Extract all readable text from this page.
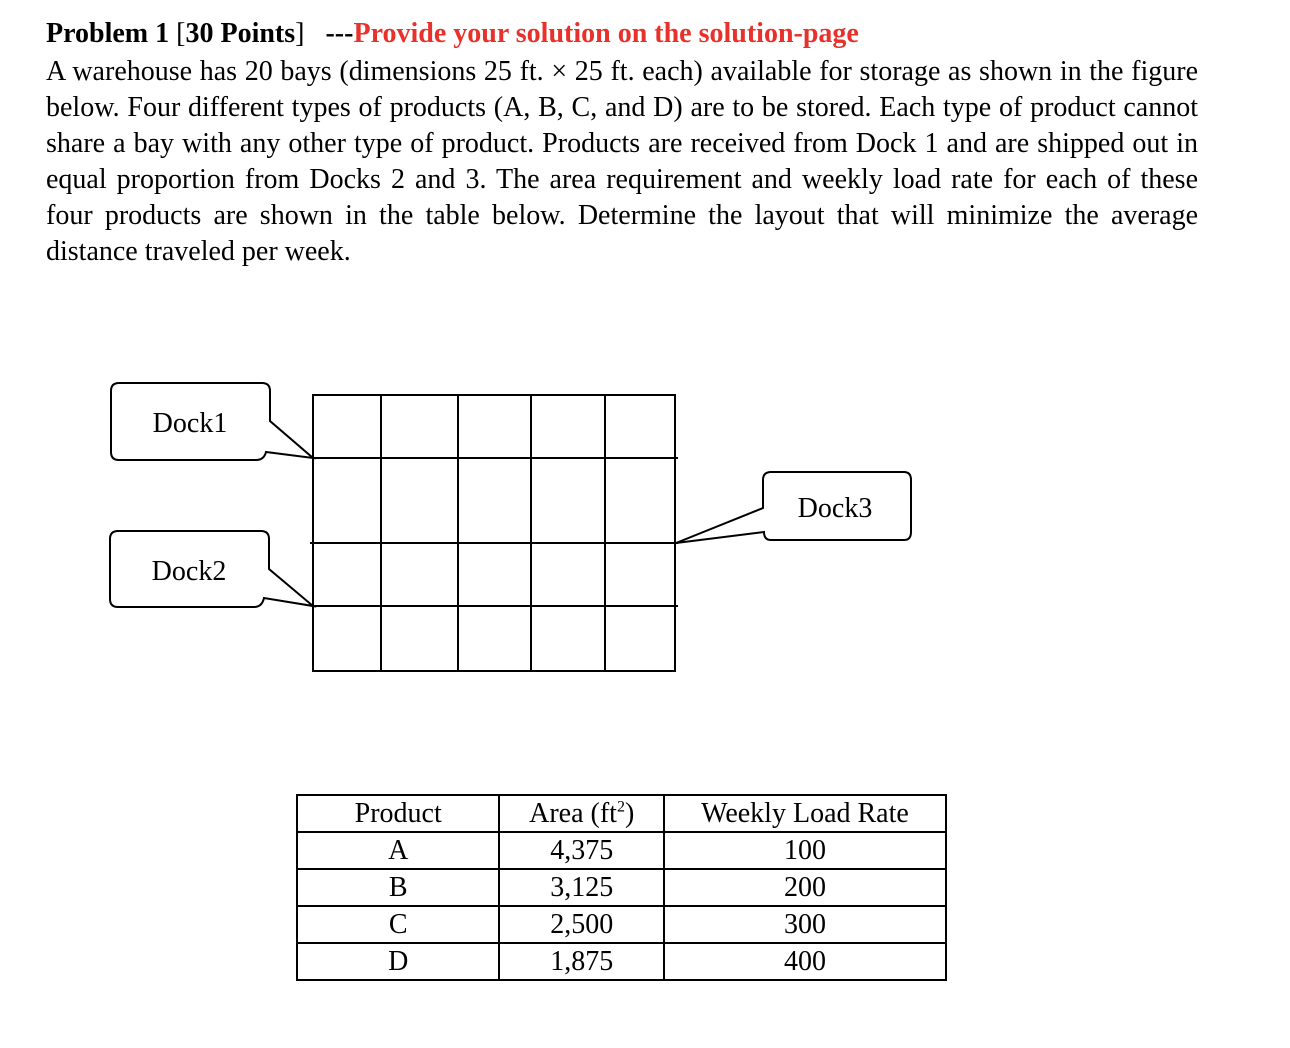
Problem 1 [30 Points] ---Provide your solution on the solution-page
A warehouse has 20 bays (dimensions 25 ft. × 25 ft. each) available for storage as shown in the figure below. Four different types of products (A, B, C, and D) are to be stored. Each type of product cannot share a bay with any other type of product. Products are received from Dock 1 and are shipped out in equal proportion from Docks 2 and 3. The area requirement and weekly load rate for each of these four products are shown in the table below. Determine the layout that will minimize the average distance traveled per week.
Dock1
Dock2
Dock3
Product	Area $(ft^2)$	Weekly Load Rate
A	4,375	100
B	3,125	200
C	2,500	300
D	1,875	400
